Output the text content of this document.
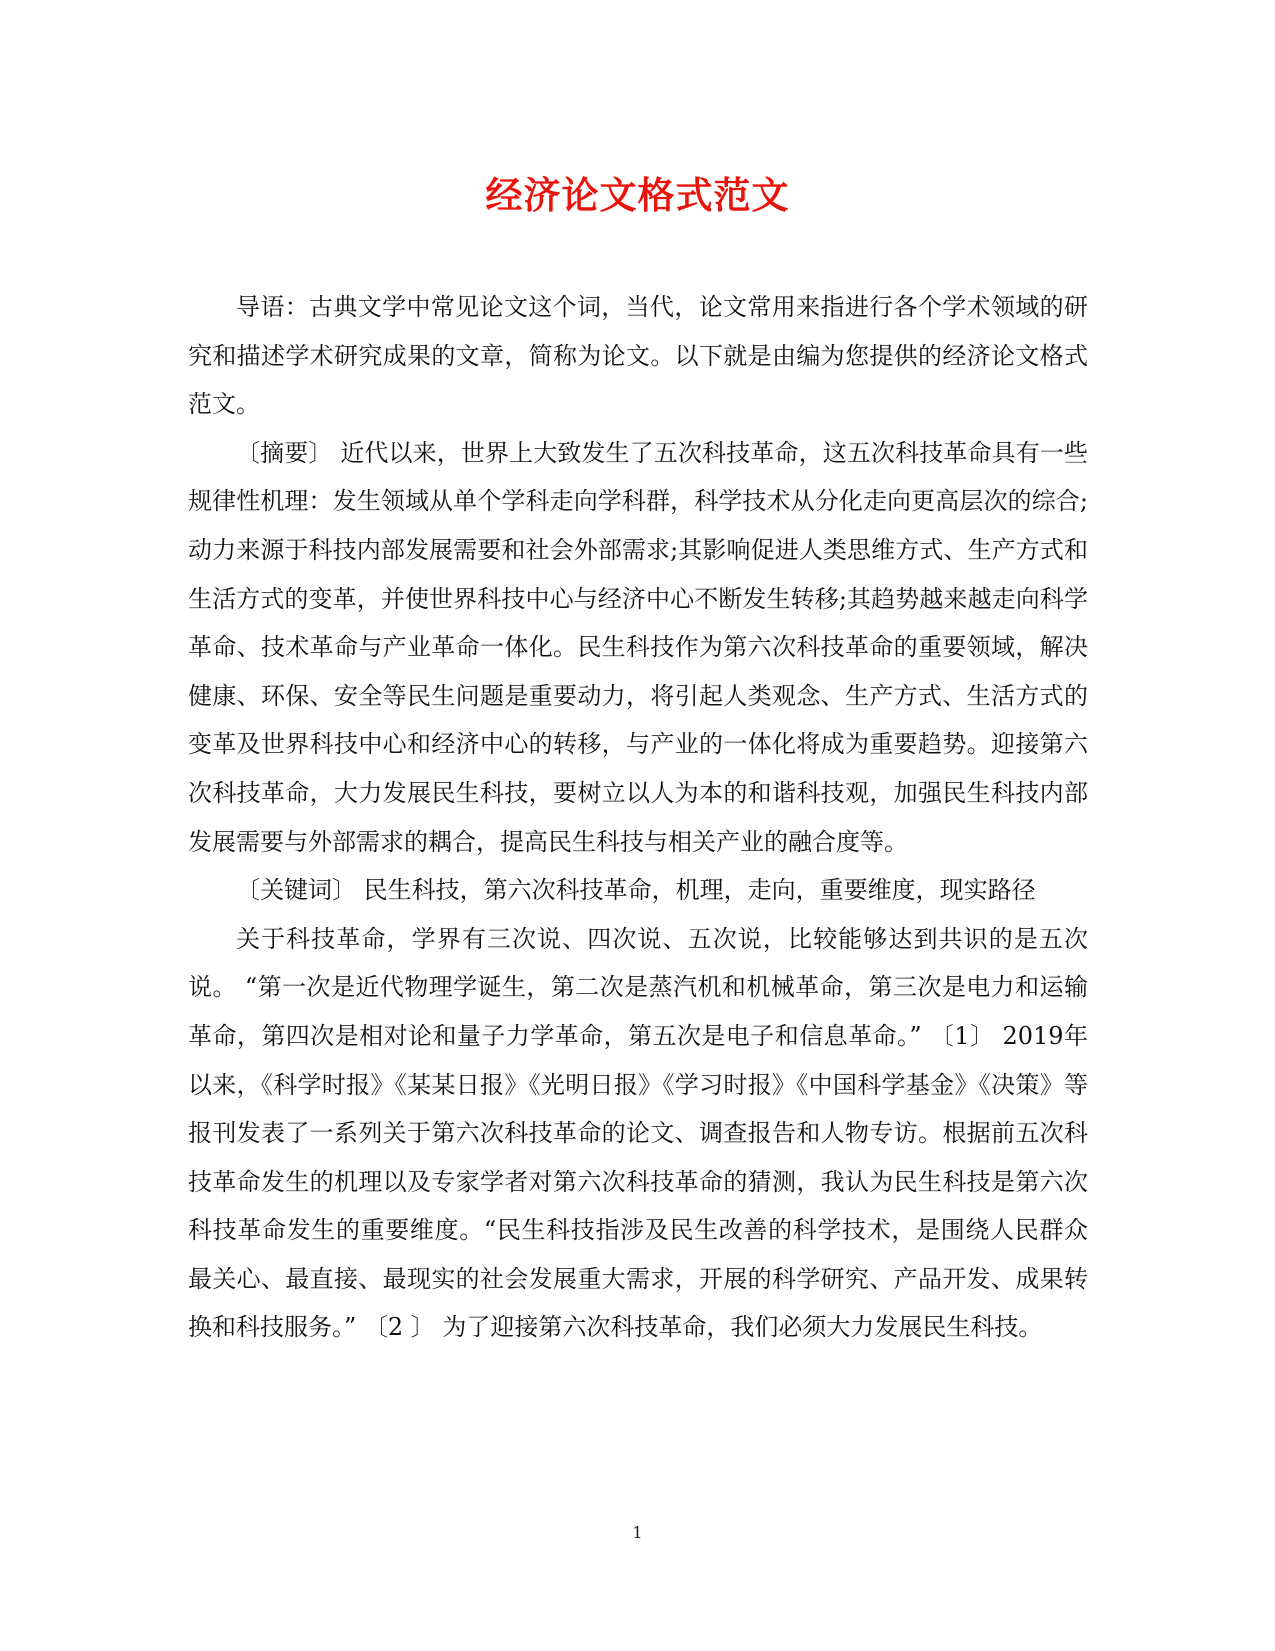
经济论文格式范文

导语：古典文学中常见论文这个词，当代，论文常用来指进行各个学术领域的研究和描述学术研究成果的文章，简称为论文。以下就是由编为您提供的经济论文格式范文。

〔摘要〕 近代以来，世界上大致发生了五次科技革命，这五次科技革命具有一些规律性机理：发生领域从单个学科走向学科群，科学技术从分化走向更高层次的综合;动力来源于科技内部发展需要和社会外部需求;其影响促进人类思维方式、生产方式和生活方式的变革，并使世界科技中心与经济中心不断发生转移;其趋势越来越走向科学革命、技术革命与产业革命一体化。民生科技作为第六次科技革命的重要领域，解决健康、环保、安全等民生问题是重要动力，将引起人类观念、生产方式、生活方式的变革及世界科技中心和经济中心的转移，与产业的一体化将成为重要趋势。迎接第六次科技革命，大力发展民生科技，要树立以人为本的和谐科技观，加强民生科技内部发展需要与外部需求的耦合，提高民生科技与相关产业的融合度等。

〔关键词〕 民生科技，第六次科技革命，机理，走向，重要维度，现实路径

关于科技革命，学界有三次说、四次说、五次说，比较能够达到共识的是五次说。 “第一次是近代物理学诞生，第二次是蒸汽机和机械革命，第三次是电力和运输革命，第四次是相对论和量子力学革命，第五次是电子和信息革命。” 〔1〕 2019年以来，《科学时报》《某某日报》《光明日报》《学习时报》《中国科学基金》《决策》等报刊发表了一系列关于第六次科技革命的论文、调查报告和人物专访。根据前五次科技革命发生的机理以及专家学者对第六次科技革命的猜测，我认为民生科技是第六次科技革命发生的重要维度。“民生科技指涉及民生改善的科学技术，是围绕人民群众最关心、最直接、最现实的社会发展重大需求，开展的科学研究、产品开发、成果转换和科技服务。” 〔2 〕 为了迎接第六次科技革命，我们必须大力发展民生科技。

1
